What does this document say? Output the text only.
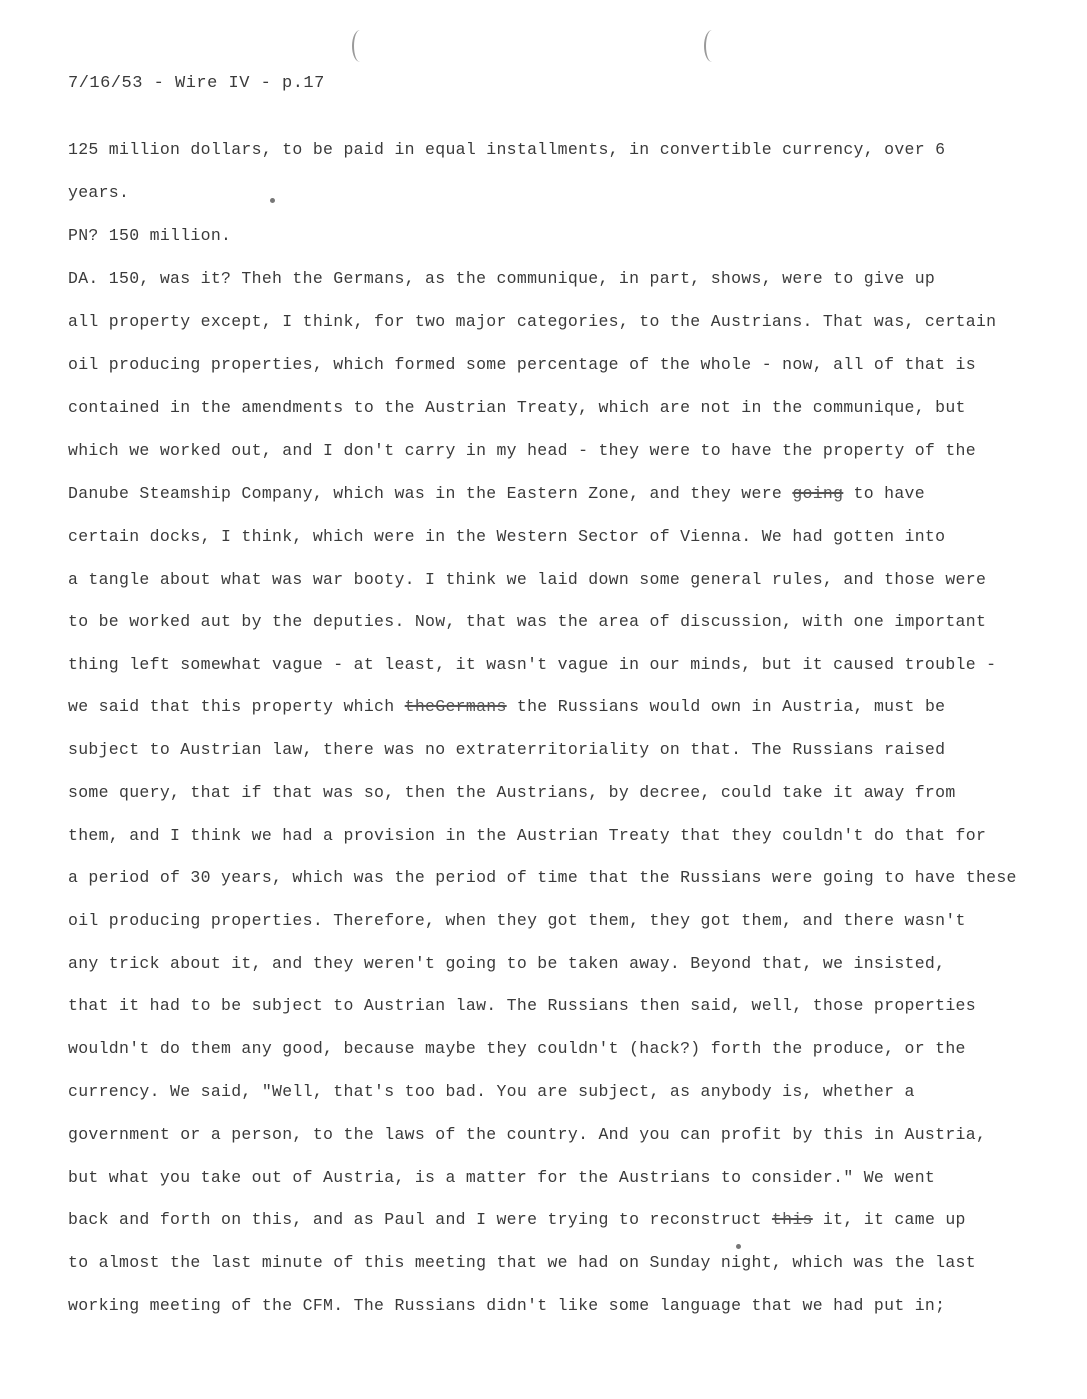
7/16/53 - Wire IV - p.17
125 million dollars, to be paid in equal installments, in convertible currency, over 6
years.
PN? 150 million.
DA. 150, was it? Theh the Germans, as the communique, in part, shows, were to give up
all property except, I think, for two major categories, to the Austrians. That was, certain
oil producing properties, which formed some percentage of the whole - now, all of that is
contained in the amendments to the Austrian Treaty, which are not in the communique, but
which we worked out, and I don't carry in my head - they were to have the property of the
Danube Steamship Company, which was in the Eastern Zone, and they were going to have
certain docks, I think, which were in the Western Sector of Vienna. We had gotten into
a tangle about what was war booty. I think we laid down some general rules, and those were
to be worked aut by the deputies. Now, that was the area of discussion, with one important
thing left somewhat vague - at least, it wasn't vague in our minds, but it caused trouble -
we said that this property which theGermans the Russians would own in Austria, must be
subject to Austrian law, there was no extraterritoriality on that. The Russians raised
some query, that if that was so, then the Austrians, by decree, could take it away from
them, and I think we had a provision in the Austrian Treaty that they couldn't do that for
a period of 30 years, which was the period of time that the Russians were going to have these
oil producing properties. Therefore, when they got them, they got them, and there wasn't
any trick about it, and they weren't going to be taken away. Beyond that, we insisted,
that it had to be subject to Austrian law. The Russians then said, well, those properties
wouldn't do them any good, because maybe they couldn't (hack?) forth the produce, or the
currency. We said, "Well, that's too bad. You are subject, as anybody is, whether a
government or a person, to the laws of the country. And you can profit by this in Austria,
but what you take out of Austria, is a matter for the Austrians to consider." We went
back and forth on this, and as Paul and I were trying to reconstruct this it, it came up
to almost the last minute of this meeting that we had on Sunday night, which was the last
working meeting of the CFM. The Russians didn't like some language that we had put in;
